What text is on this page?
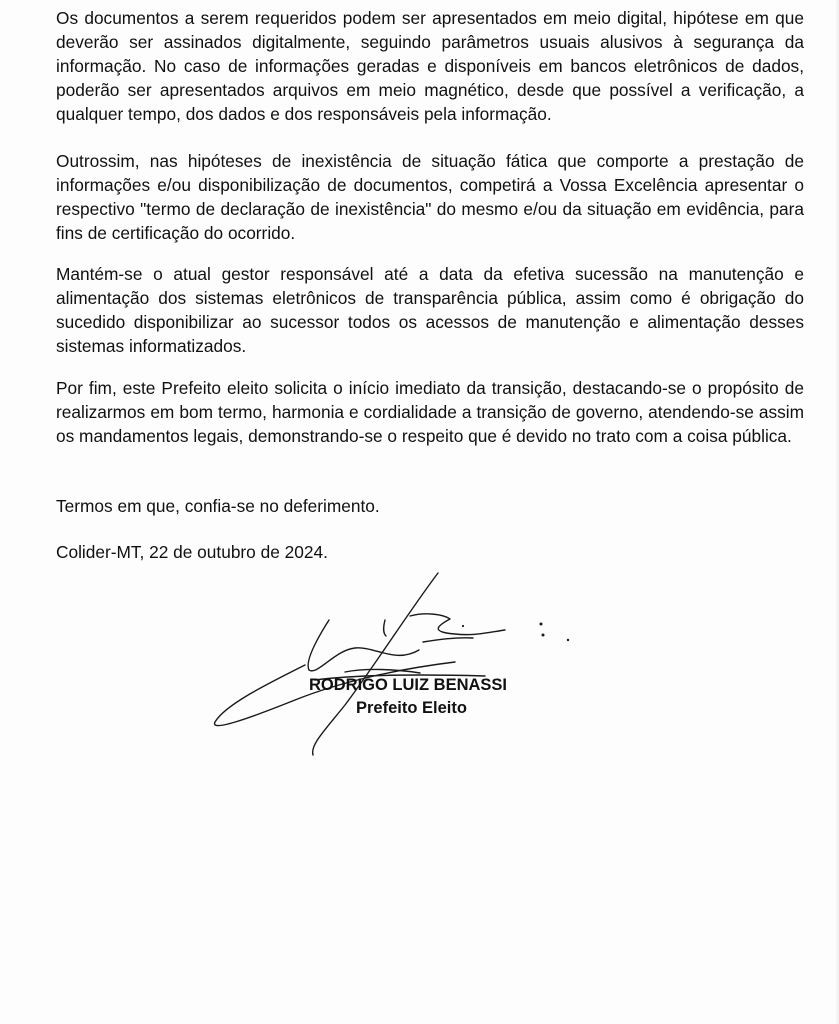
Os documentos a serem requeridos podem ser apresentados em meio digital, hipótese em que deverão ser assinados digitalmente, seguindo parâmetros usuais alusivos à segurança da informação. No caso de informações geradas e disponíveis em bancos eletrônicos de dados, poderão ser apresentados arquivos em meio magnético, desde que possível a verificação, a qualquer tempo, dos dados e dos responsáveis pela informação.

Outrossim, nas hipóteses de inexistência de situação fática que comporte a prestação de informações e/ou disponibilização de documentos, competirá a Vossa Excelência apresentar o respectivo "termo de declaração de inexistência" do mesmo e/ou da situação em evidência, para fins de certificação do ocorrido.

Mantém-se o atual gestor responsável até a data da efetiva sucessão na manutenção e alimentação dos sistemas eletrônicos de transparência pública, assim como é obrigação do sucedido disponibilizar ao sucessor todos os acessos de manutenção e alimentação desses sistemas informatizados.

Por fim, este Prefeito eleito solicita o início imediato da transição, destacando-se o propósito de realizarmos em bom termo, harmonia e cordialidade a transição de governo, atendendo-se assim os mandamentos legais, demonstrando-se o respeito que é devido no trato com a coisa pública.

Termos em que, confia-se no deferimento.

Colider-MT, 22 de outubro de 2024.

RODRIGO LUIZ BENASSI

Prefeito Eleito
